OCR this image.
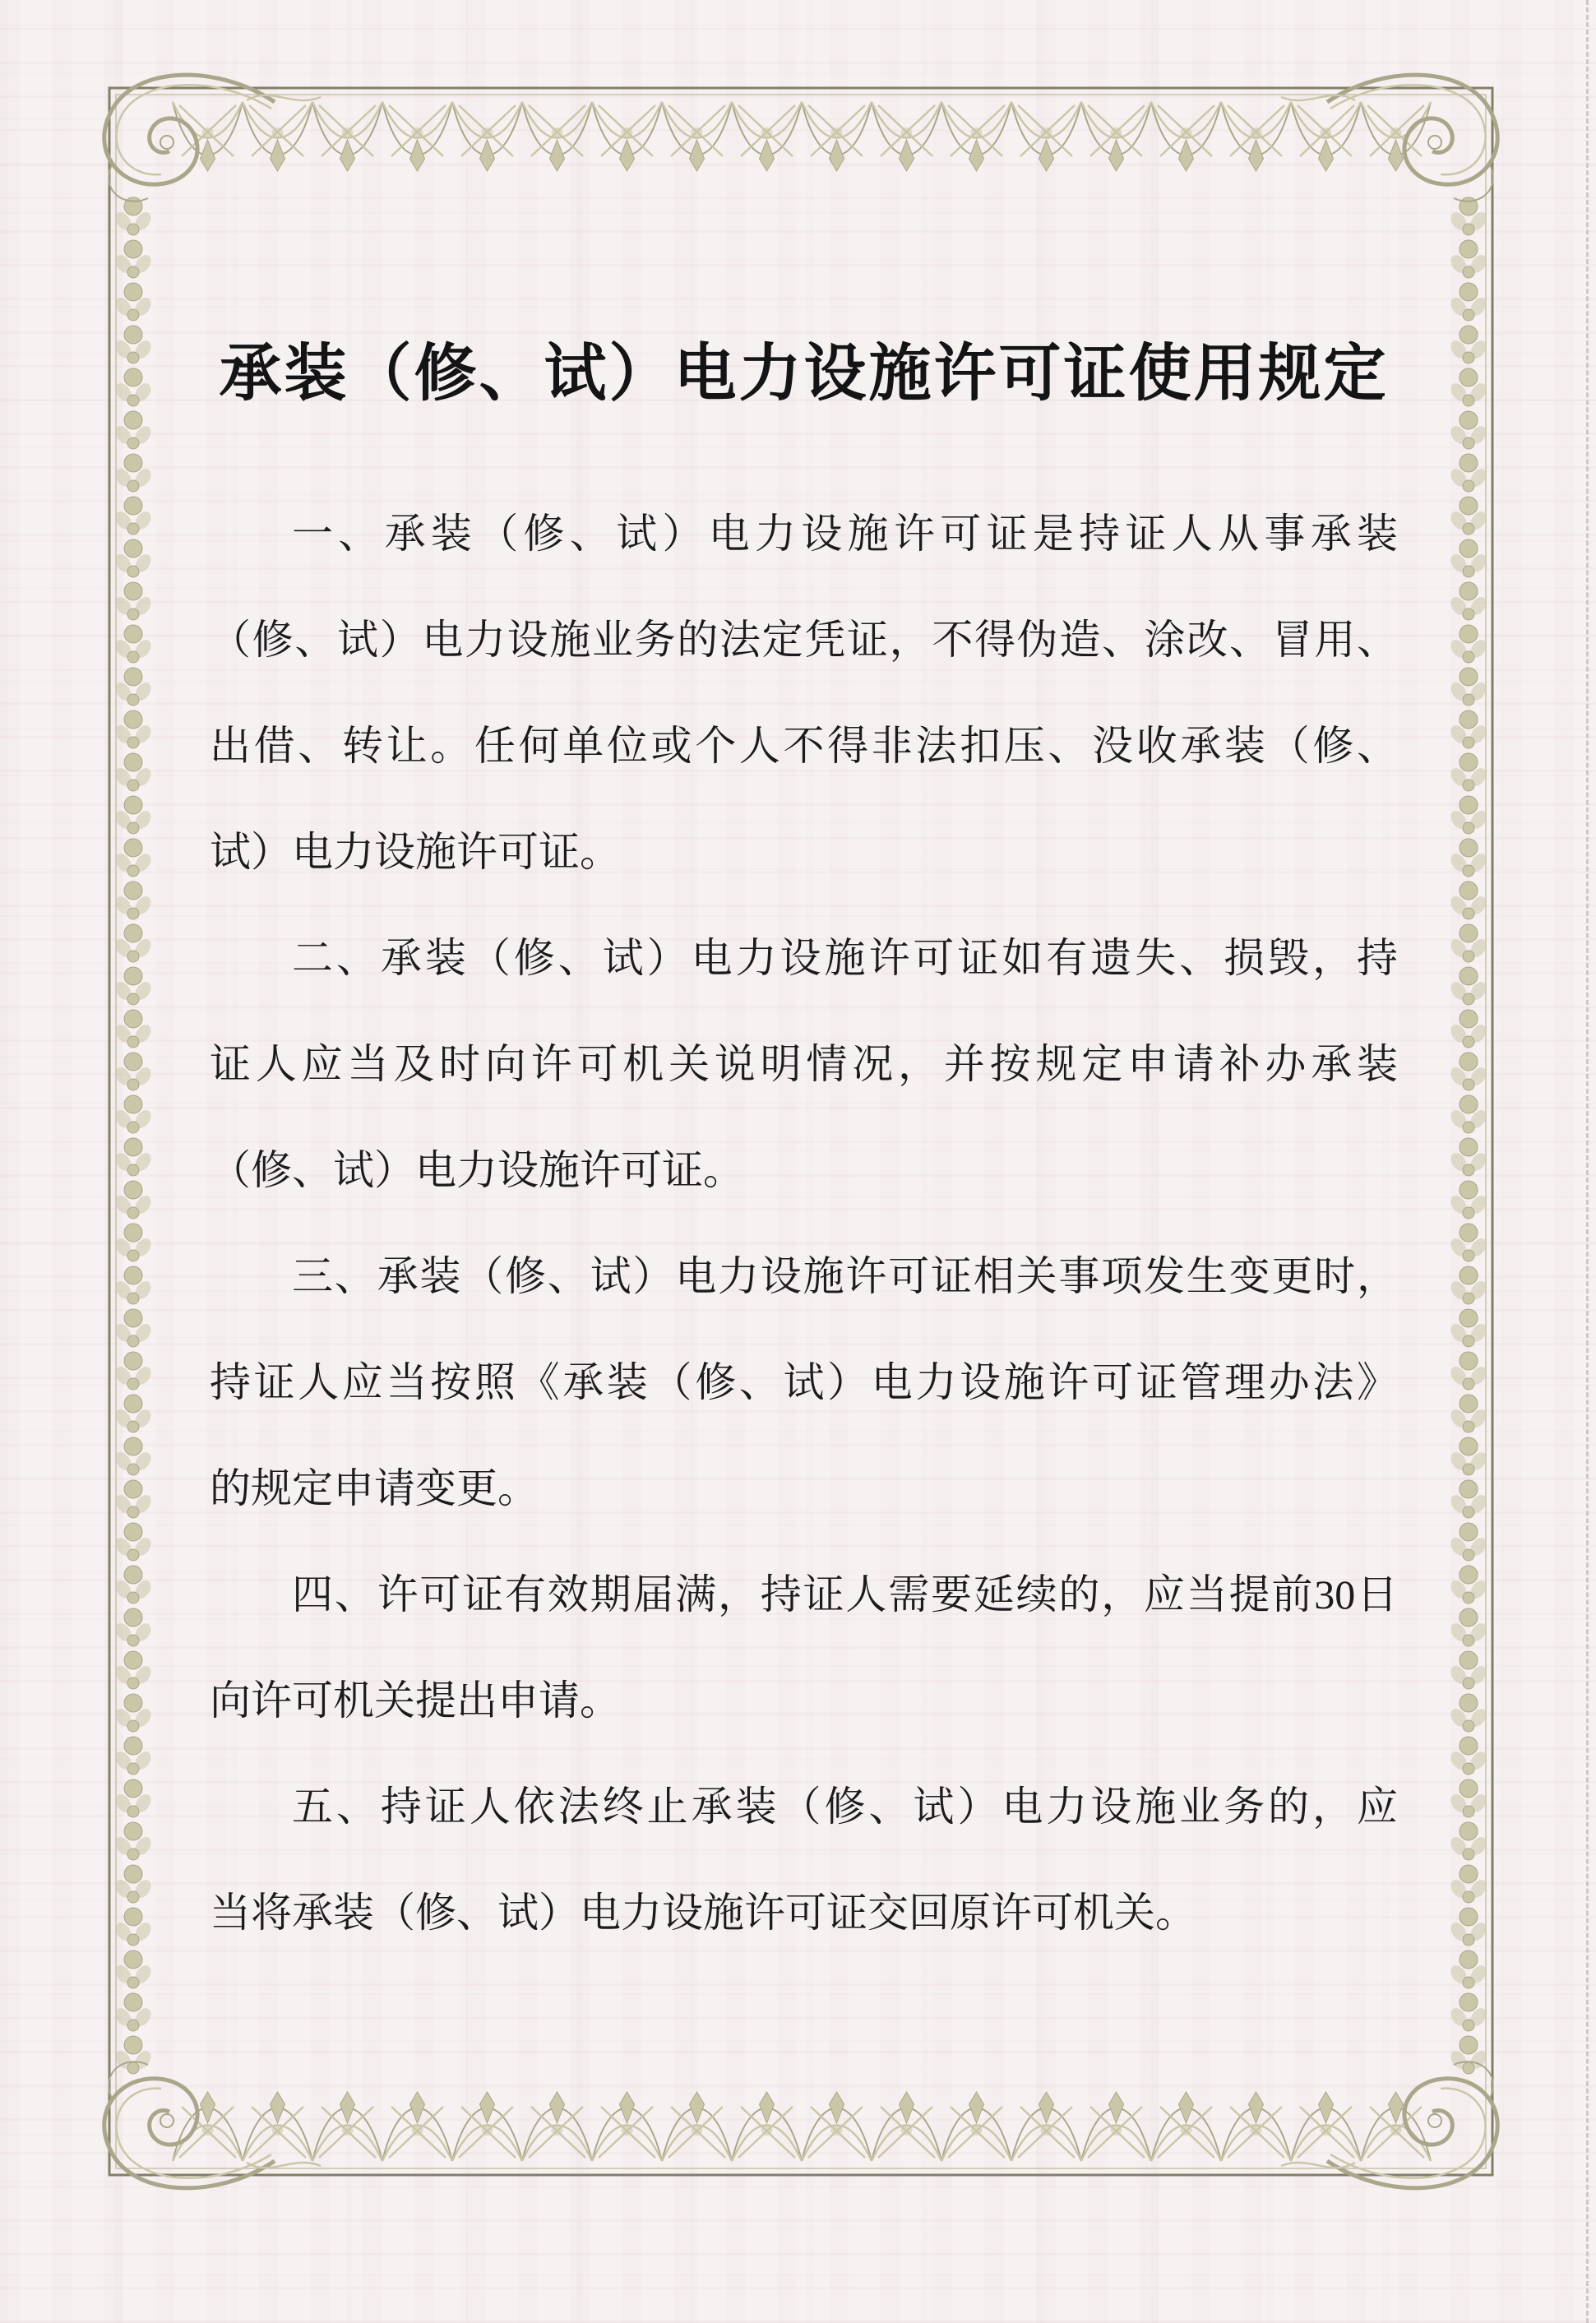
承装（修、试）电力设施许可证使用规定
一、承装（修、试）电力设施许可证是持证人从事承装
（修、试）电力设施业务的法定凭证，不得伪造、涂改、冒用、
出借、转让。任何单位或个人不得非法扣压、没收承装（修、
试）电力设施许可证。
二、承装（修、试）电力设施许可证如有遗失、损毁，持
证人应当及时向许可机关说明情况，并按规定申请补办承装
（修、试）电力设施许可证。
三、承装（修、试）电力设施许可证相关事项发生变更时，
持证人应当按照《承装（修、试）电力设施许可证管理办法》
的规定申请变更。
四、许可证有效期届满，持证人需要延续的，应当提前30日
向许可机关提出申请。
五、持证人依法终止承装（修、试）电力设施业务的，应
当将承装（修、试）电力设施许可证交回原许可机关。
